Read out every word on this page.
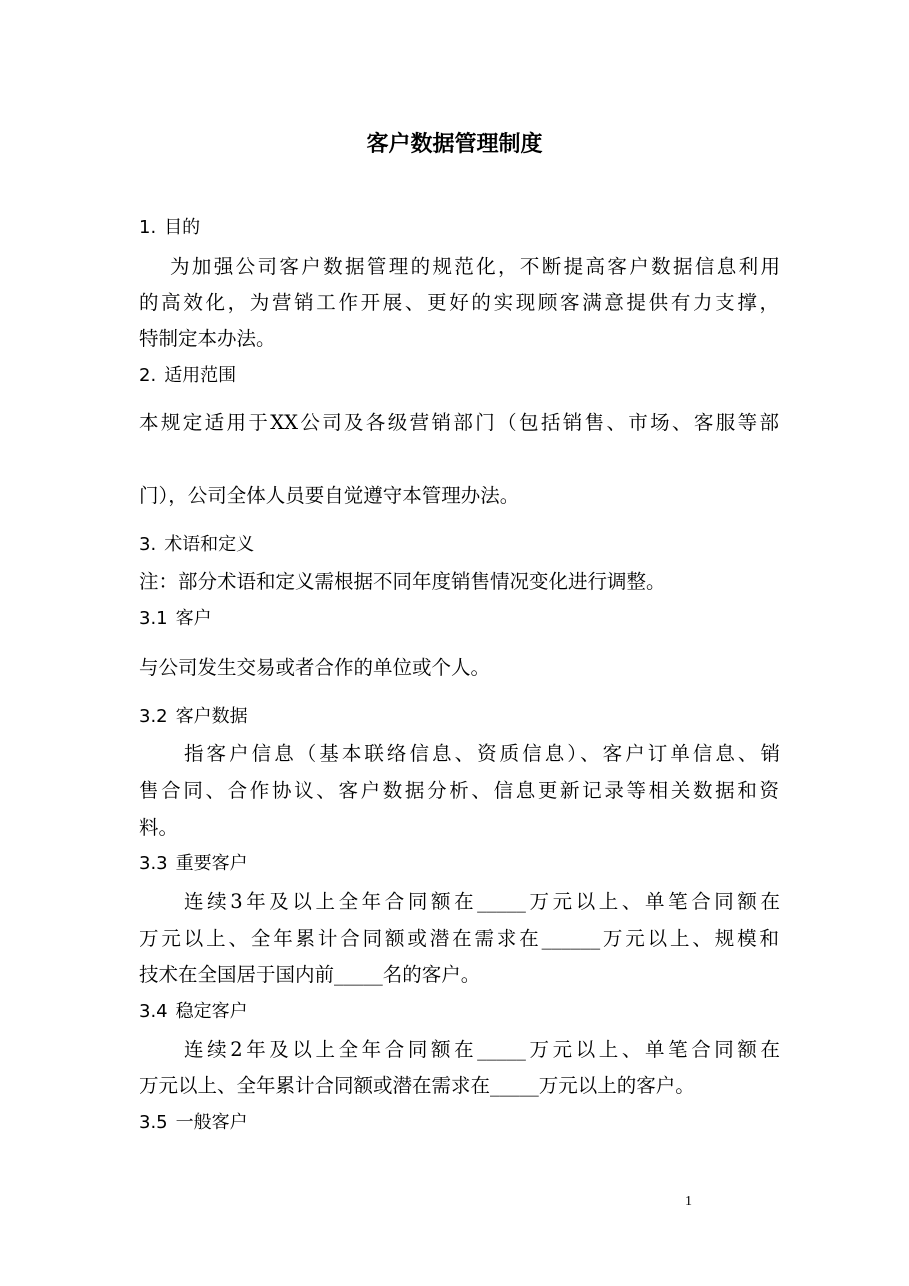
客户数据管理制度
1. 目的
为加强公司客户数据管理的规范化，不断提高客户数据信息利用
的高效化，为营销工作开展、更好的实现顾客满意提供有力支撑，
特制定本办法。
2. 适用范围
本规定适用于XX公司及各级营销部门（包括销售、市场、客服等部
门），公司全体人员要自觉遵守本管理办法。
3. 术语和定义
注：部分术语和定义需根据不同年度销售情况变化进行调整。
3.1 客户
与公司发生交易或者合作的单位或个人。
3.2 客户数据
指客户信息（基本联络信息、资质信息）、客户订单信息、销
售合同、合作协议、客户数据分析、信息更新记录等相关数据和资
料。
3.3 重要客户
连续3年及以上全年合同额在_____万元以上、单笔合同额在
万元以上、全年累计合同额或潜在需求在______万元以上、规模和
技术在全国居于国内前_____名的客户。
3.4 稳定客户
连续2年及以上全年合同额在_____万元以上、单笔合同额在
万元以上、全年累计合同额或潜在需求在_____万元以上的客户。
3.5 一般客户
1
